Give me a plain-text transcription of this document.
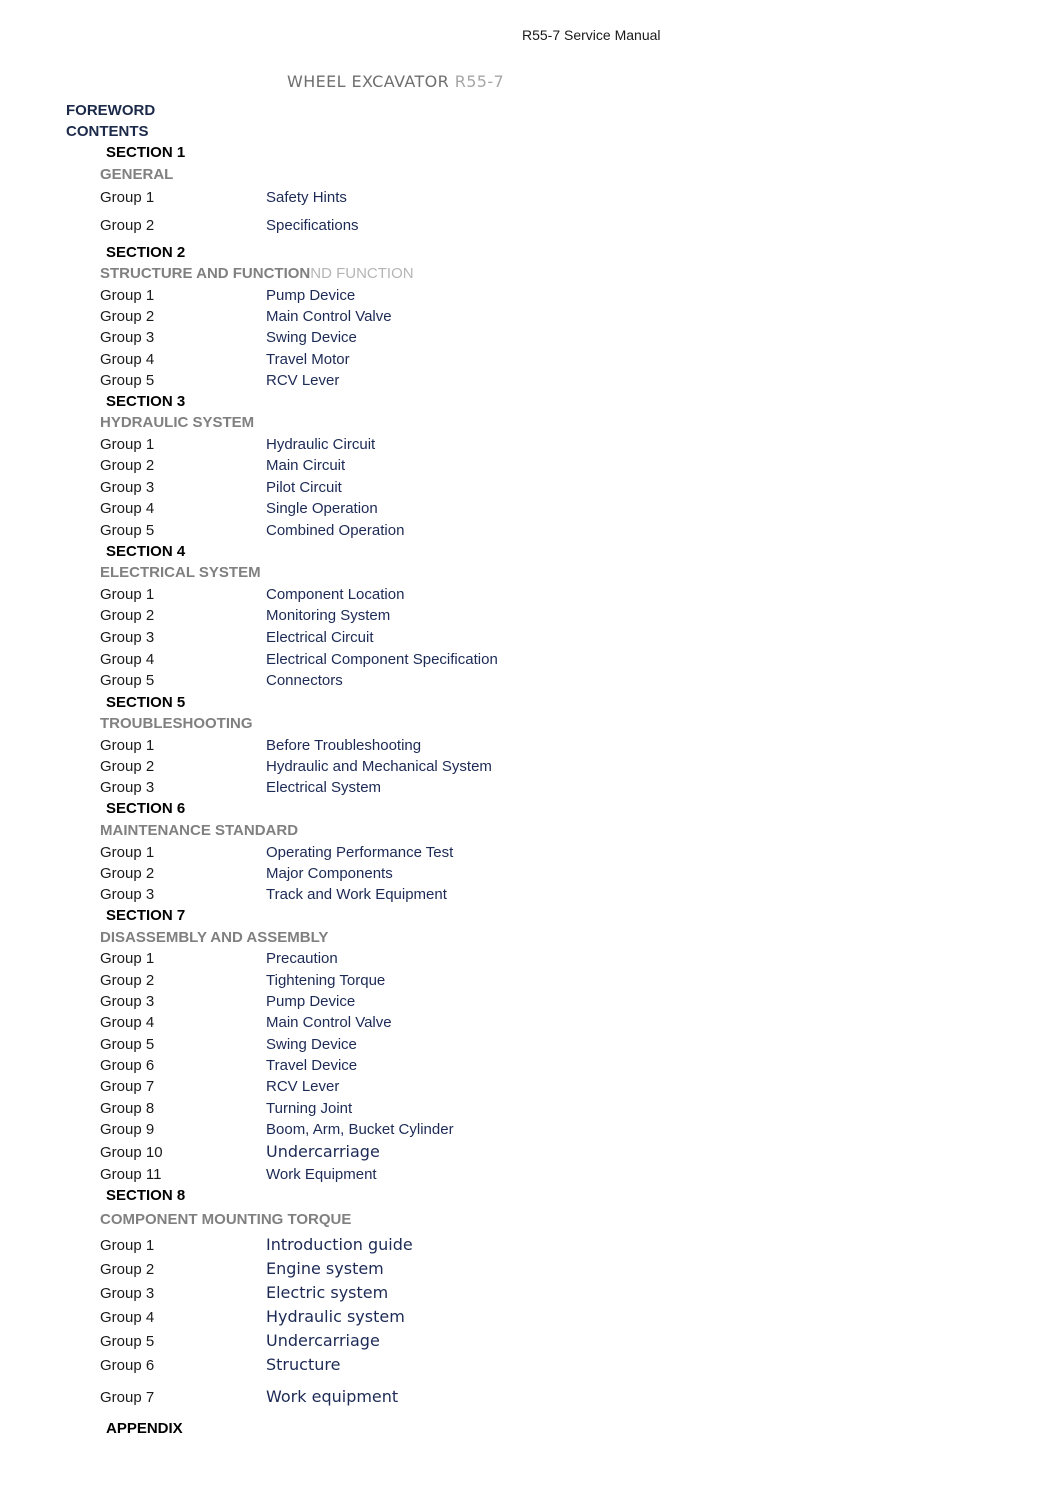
R55-7 Service Manual
WHEEL EXCAVATOR R55-7
FOREWORD
CONTENTS
SECTION 1
GENERAL
Group 1	Safety Hints
Group 2	Specifications
SECTION 2
STRUCTURE AND FUNCTIONND FUNCTION
Group 1	Pump Device
Group 2	Main Control Valve
Group 3	Swing Device
Group 4	Travel Motor
Group 5	RCV Lever
SECTION 3
HYDRAULIC SYSTEM
Group 1	Hydraulic Circuit
Group 2	Main Circuit
Group 3	Pilot Circuit
Group 4	Single Operation
Group 5	Combined Operation
SECTION 4
ELECTRICAL SYSTEM
Group 1	Component Location
Group 2	Monitoring System
Group 3	Electrical Circuit
Group 4	Electrical Component Specification
Group 5	Connectors
SECTION 5
TROUBLESHOOTING
Group 1	Before Troubleshooting
Group 2	Hydraulic and Mechanical System
Group 3	Electrical System
SECTION 6
MAINTENANCE STANDARD
Group 1	Operating Performance Test
Group 2	Major Components
Group 3	Track and Work Equipment
SECTION 7
DISASSEMBLY AND ASSEMBLY
Group 1	Precaution
Group 2	Tightening Torque
Group 3	Pump Device
Group 4	Main Control Valve
Group 5	Swing Device
Group 6	Travel Device
Group 7	RCV Lever
Group 8	Turning Joint
Group 9	Boom, Arm, Bucket Cylinder
Group 10	Undercarriage
Group 11	Work Equipment
SECTION 8
COMPONENT MOUNTING TORQUE
Group 1	Introduction guide
Group 2	Engine system
Group 3	Electric system
Group 4	Hydraulic system
Group 5	Undercarriage
Group 6	Structure
Group 7	Work equipment
APPENDIX
